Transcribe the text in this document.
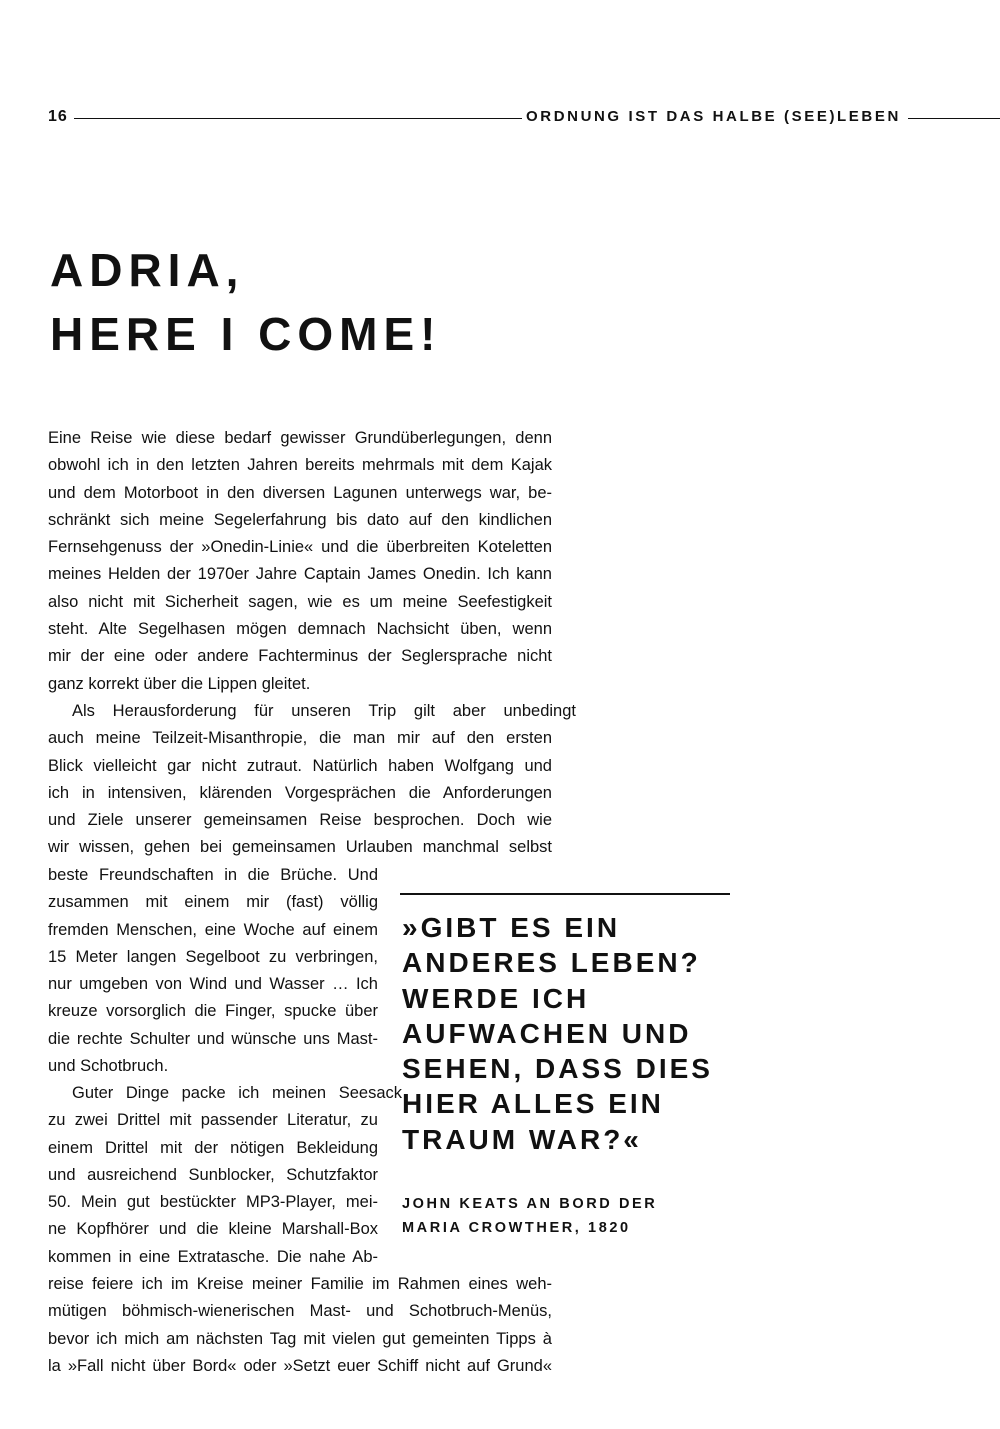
16	ORDNUNG IST DAS HALBE (SEE)LEBEN
ADRIA,
HERE I COME!
Eine Reise wie diese bedarf gewisser Grundüberlegungen, denn
obwohl ich in den letzten Jahren bereits mehrmals mit dem Kajak
und dem Motorboot in den diversen Lagunen unterwegs war, be-
schränkt sich meine Segelerfahrung bis dato auf den kindlichen
Fernsehgenuss der »Onedin-Linie« und die überbreiten Koteletten
meines Helden der 1970er Jahre Captain James Onedin. Ich kann
also nicht mit Sicherheit sagen, wie es um meine Seefestigkeit
steht. Alte Segelhasen mögen demnach Nachsicht üben, wenn
mir der eine oder andere Fachterminus der Seglersprache nicht
ganz korrekt über die Lippen gleitet.
Als Herausforderung für unseren Trip gilt aber unbedingt
auch meine Teilzeit-Misanthropie, die man mir auf den ersten
Blick vielleicht gar nicht zutraut. Natürlich haben Wolfgang und
ich in intensiven, klärenden Vorgesprächen die Anforderungen
und Ziele unserer gemeinsamen Reise besprochen. Doch wie
wir wissen, gehen bei gemeinsamen Urlauben manchmal selbst
beste Freundschaften in die Brüche. Und
zusammen mit einem mir (fast) völlig
fremden Menschen, eine Woche auf einem
15 Meter langen Segelboot zu verbringen,
nur umgeben von Wind und Wasser … Ich
kreuze vorsorglich die Finger, spucke über
die rechte Schulter und wünsche uns Mast-
und Schotbruch.
Guter Dinge packe ich meinen Seesack
zu zwei Drittel mit passender Literatur, zu
einem Drittel mit der nötigen Bekleidung
und ausreichend Sunblocker, Schutzfaktor
50. Mein gut bestückter MP3-Player, mei-
ne Kopfhörer und die kleine Marshall-Box
kommen in eine Extratasche. Die nahe Ab-
reise feiere ich im Kreise meiner Familie im Rahmen eines weh-
mütigen böhmisch-wienerischen Mast- und Schotbruch-Menüs,
bevor ich mich am nächsten Tag mit vielen gut gemeinten Tipps à
la »Fall nicht über Bord« oder »Setzt euer Schiff nicht auf Grund«
»GIBT ES EIN
ANDERES LEBEN?
WERDE ICH
AUFWACHEN UND
SEHEN, DASS DIES
HIER ALLES EIN
TRAUM WAR?«

JOHN KEATS AN BORD DER
MARIA CROWTHER, 1820
